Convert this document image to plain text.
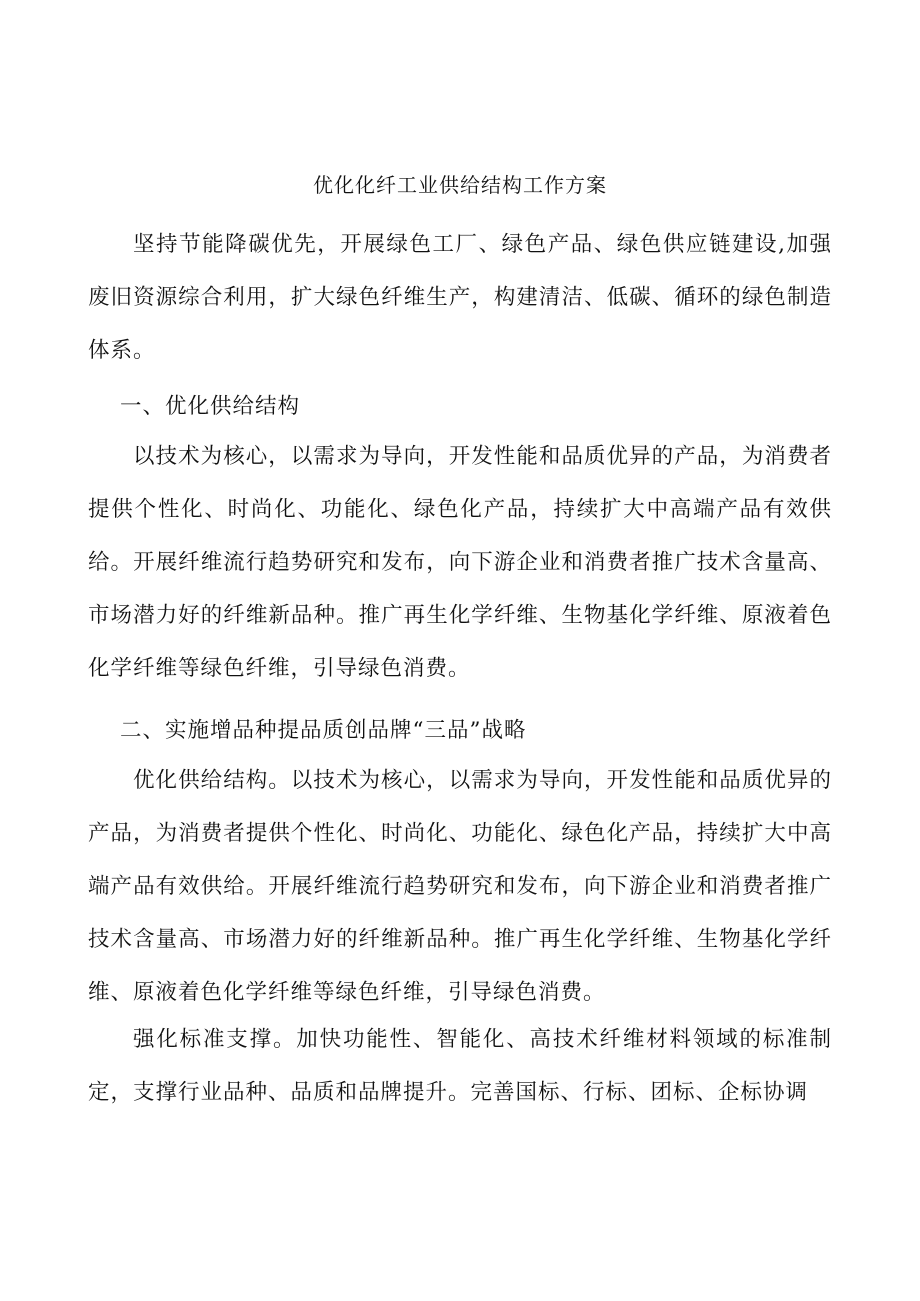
优化化纤工业供给结构工作方案

坚持节能降碳优先，开展绿色工厂、绿色产品、绿色供应链建设,加强废旧资源综合利用，扩大绿色纤维生产，构建清洁、低碳、循环的绿色制造体系。

一、优化供给结构

以技术为核心，以需求为导向，开发性能和品质优异的产品，为消费者提供个性化、时尚化、功能化、绿色化产品，持续扩大中高端产品有效供给。开展纤维流行趋势研究和发布，向下游企业和消费者推广技术含量高、市场潜力好的纤维新品种。推广再生化学纤维、生物基化学纤维、原液着色化学纤维等绿色纤维，引导绿色消费。

二、实施增品种提品质创品牌“三品”战略

优化供给结构。以技术为核心，以需求为导向，开发性能和品质优异的产品，为消费者提供个性化、时尚化、功能化、绿色化产品，持续扩大中高端产品有效供给。开展纤维流行趋势研究和发布，向下游企业和消费者推广技术含量高、市场潜力好的纤维新品种。推广再生化学纤维、生物基化学纤维、原液着色化学纤维等绿色纤维，引导绿色消费。

强化标准支撑。加快功能性、智能化、高技术纤维材料领域的标准制定，支撑行业品种、品质和品牌提升。完善国标、行标、团标、企标协调
